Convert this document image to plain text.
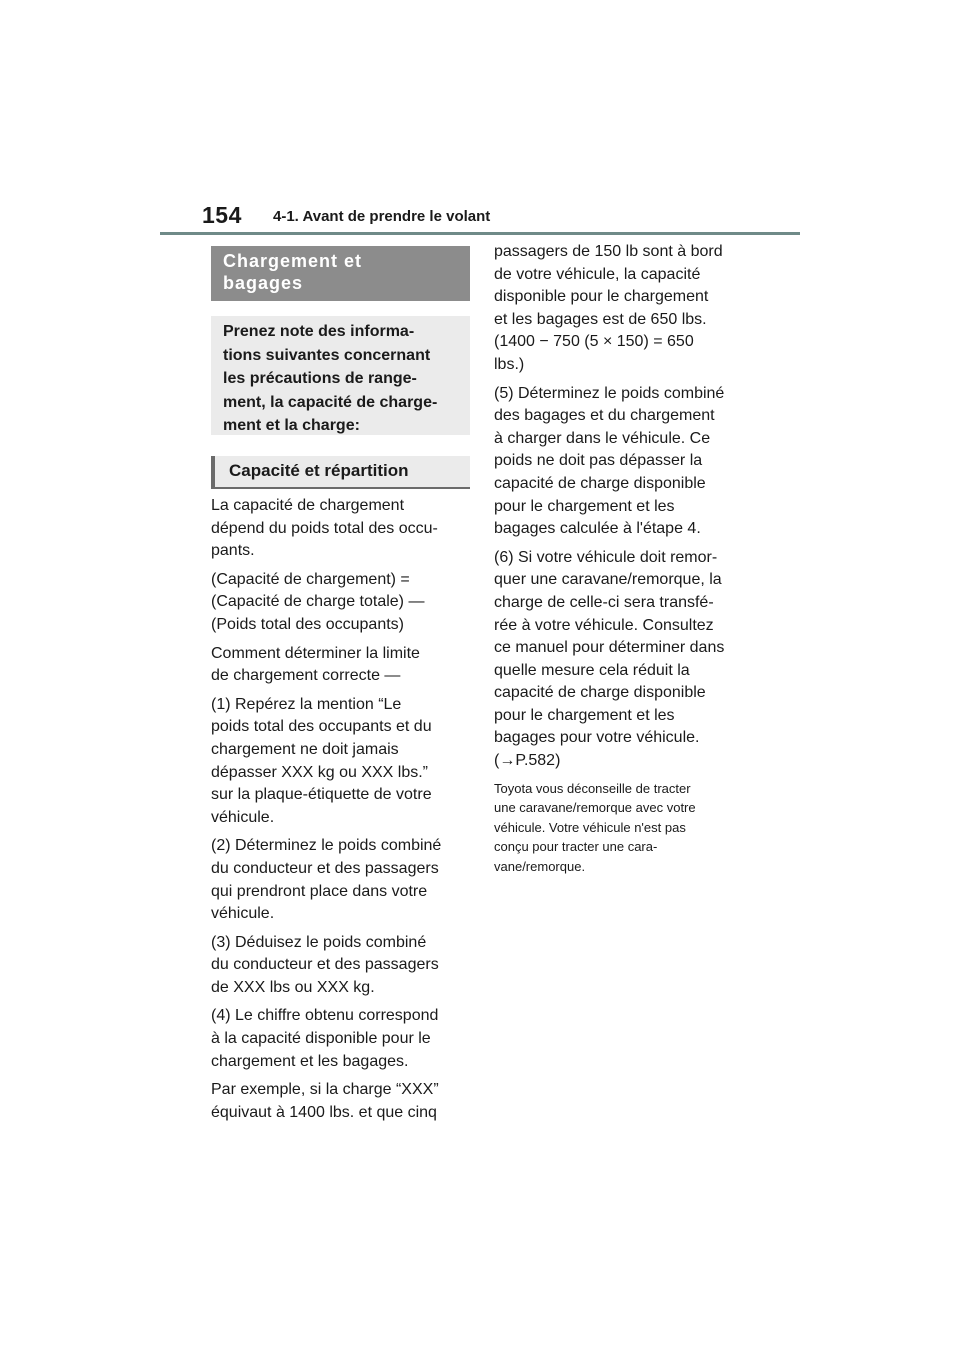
154 4-1. Avant de prendre le volant
Chargement et
bagages
Prenez note des informa-
tions suivantes concernant
les précautions de range-
ment, la capacité de charge-
ment et la charge:
Capacité et répartition

La capacité de chargement
dépend du poids total des occu-
pants.

(Capacité de chargement) =
(Capacité de charge totale) —
(Poids total des occupants)

Comment déterminer la limite
de chargement correcte —

(1) Repérez la mention “Le
poids total des occupants et du
chargement ne doit jamais
dépasser XXX kg ou XXX lbs.”
sur la plaque-étiquette de votre
véhicule.

(2) Déterminez le poids combiné
du conducteur et des passagers
qui prendront place dans votre
véhicule.

(3) Déduisez le poids combiné
du conducteur et des passagers
de XXX lbs ou XXX kg.

(4) Le chiffre obtenu correspond
à la capacité disponible pour le
chargement et les bagages.

Par exemple, si la charge “XXX”
équivaut à 1400 lbs. et que cinq

passagers de 150 lb sont à bord
de votre véhicule, la capacité
disponible pour le chargement
et les bagages est de 650 lbs.
(1400 − 750 (5 × 150) = 650
lbs.)

(5) Déterminez le poids combiné
des bagages et du chargement
à charger dans le véhicule. Ce
poids ne doit pas dépasser la
capacité de charge disponible
pour le chargement et les
bagages calculée à l'étape 4.

(6) Si votre véhicule doit remor-
quer une caravane/remorque, la
charge de celle-ci sera transfé-
rée à votre véhicule. Consultez
ce manuel pour déterminer dans
quelle mesure cela réduit la
capacité de charge disponible
pour le chargement et les
bagages pour votre véhicule.
(→P.582)

Toyota vous déconseille de tracter
une caravane/remorque avec votre
véhicule. Votre véhicule n'est pas
conçu pour tracter une cara-
vane/remorque.
